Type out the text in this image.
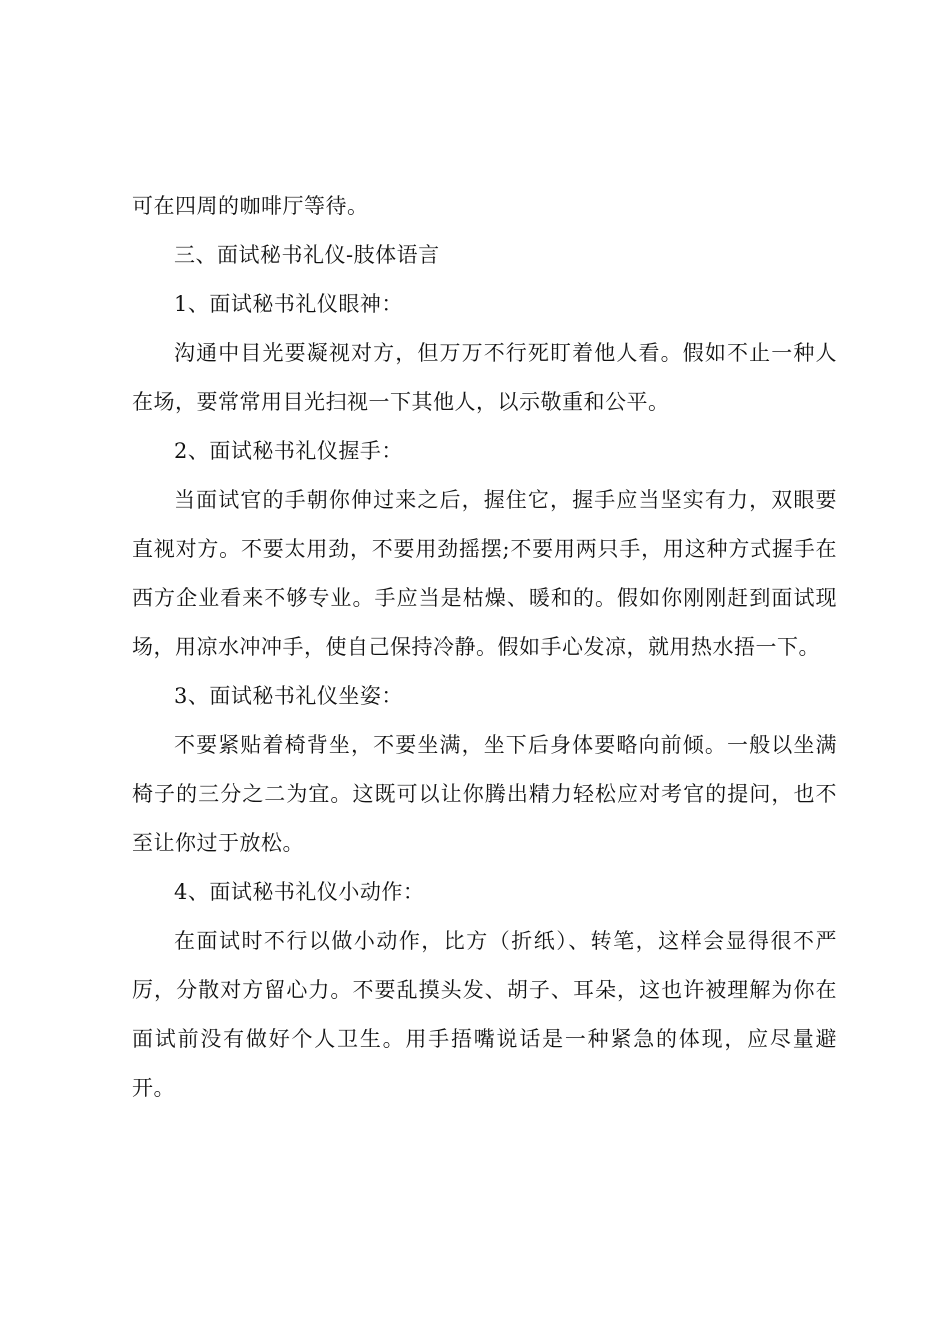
可在四周的咖啡厅等待。

三、面试秘书礼仪-肢体语言

1、面试秘书礼仪眼神：

沟通中目光要凝视对方，但万万不行死盯着他人看。假如不止一种人在场，要常常用目光扫视一下其他人，以示敬重和公平。

2、面试秘书礼仪握手：

当面试官的手朝你伸过来之后，握住它，握手应当坚实有力，双眼要直视对方。不要太用劲，不要用劲摇摆;不要用两只手，用这种方式握手在西方企业看来不够专业。手应当是枯燥、暖和的。假如你刚刚赶到面试现场，用凉水冲冲手，使自己保持冷静。假如手心发凉，就用热水捂一下。

3、面试秘书礼仪坐姿：

不要紧贴着椅背坐，不要坐满，坐下后身体要略向前倾。一般以坐满椅子的三分之二为宜。这既可以让你腾出精力轻松应对考官的提问，也不至让你过于放松。

4、面试秘书礼仪小动作：

在面试时不行以做小动作，比方（折纸）、转笔，这样会显得很不严厉，分散对方留心力。不要乱摸头发、胡子、耳朵，这也许被理解为你在面试前没有做好个人卫生。用手捂嘴说话是一种紧急的体现，应尽量避开。
